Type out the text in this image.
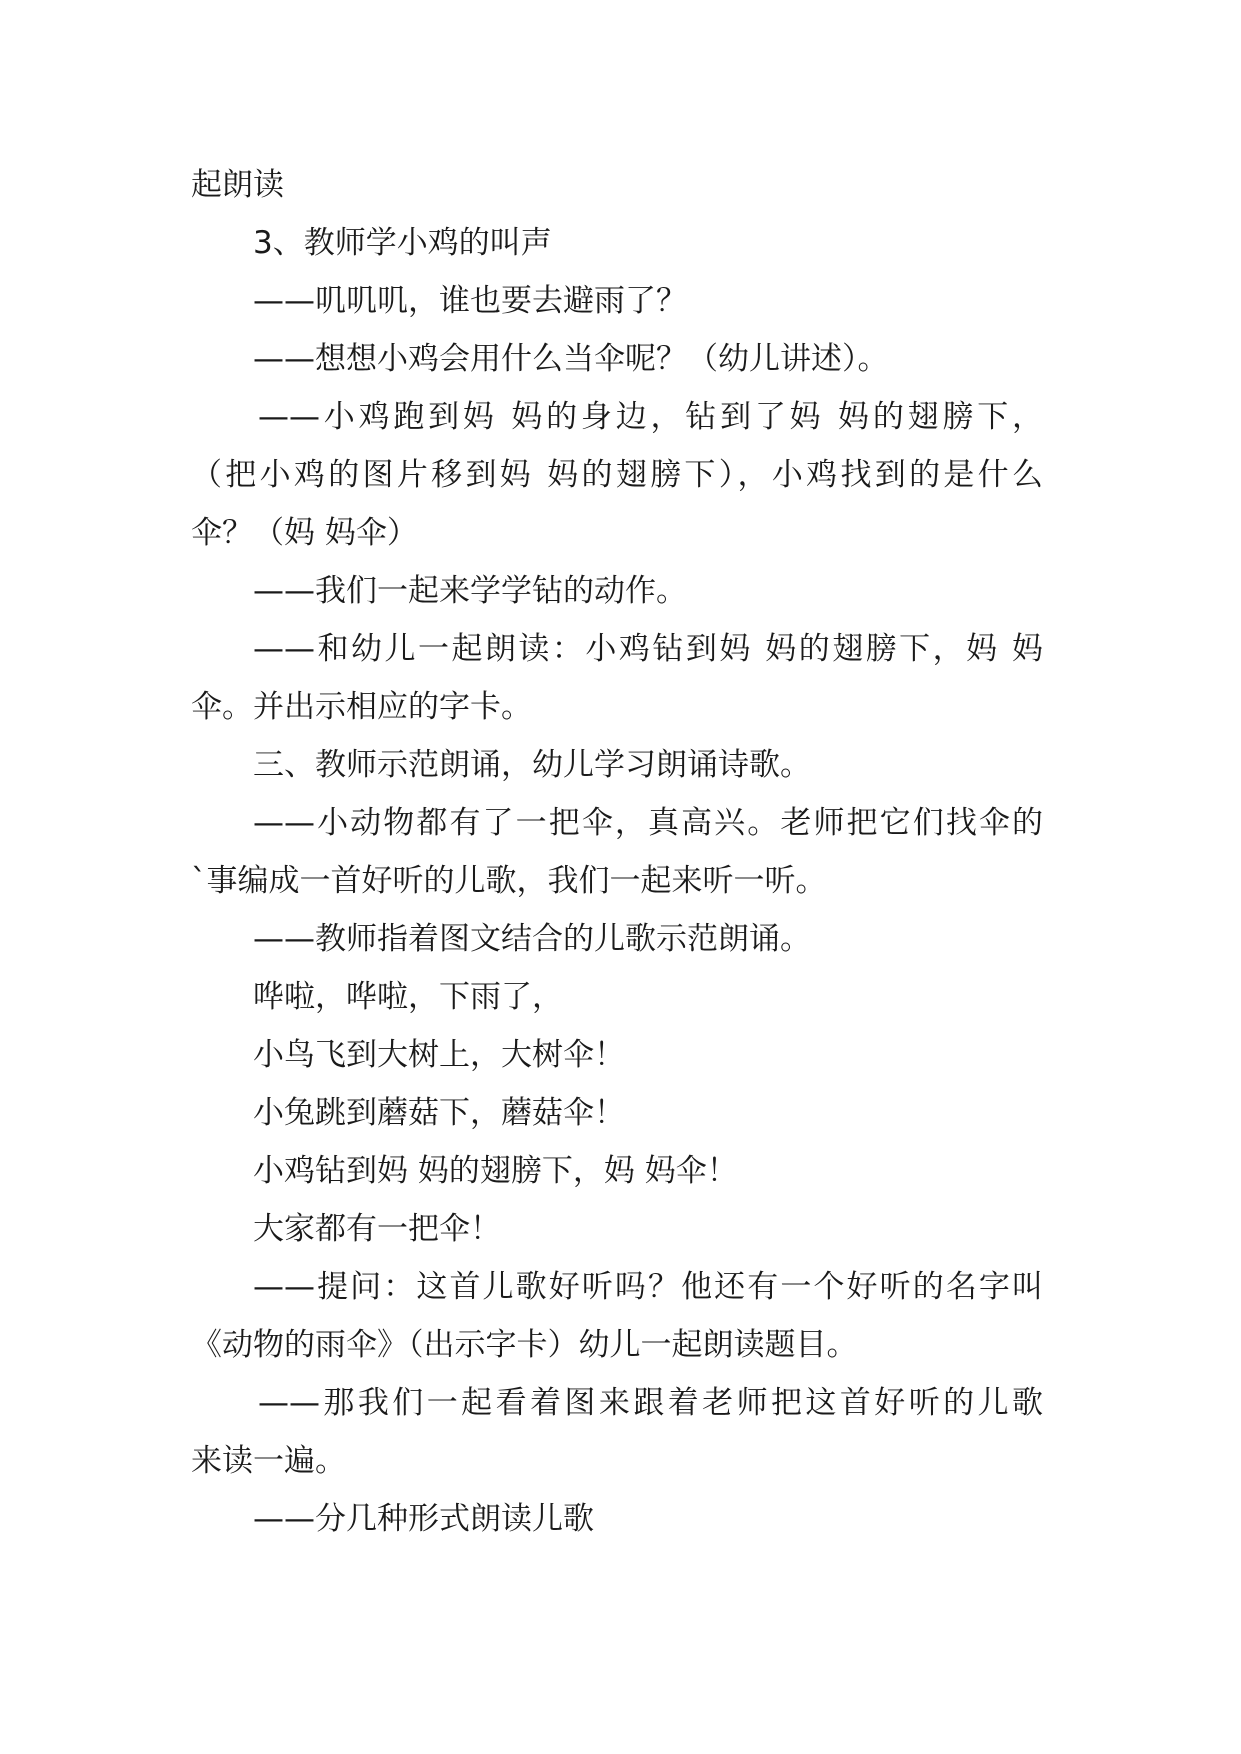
起朗读
3、教师学小鸡的叫声
——叽叽叽，谁也要去避雨了？
——想想小鸡会用什么当伞呢？（幼儿讲述）。
——小鸡跑到妈 妈的身边，钻到了妈 妈的翅膀下，
（把小鸡的图片移到妈 妈的翅膀下），小鸡找到的是什么
伞？（妈 妈伞）
——我们一起来学学钻的动作。
——和幼儿一起朗读：小鸡钻到妈 妈的翅膀下，妈 妈
伞。并出示相应的字卡。
三、教师示范朗诵，幼儿学习朗诵诗歌。
——小动物都有了一把伞，真高兴。老师把它们找伞的
`事编成一首好听的儿歌，我们一起来听一听。
——教师指着图文结合的儿歌示范朗诵。
哗啦，哗啦，下雨了，
小鸟飞到大树上，大树伞！
小兔跳到蘑菇下，蘑菇伞！
小鸡钻到妈 妈的翅膀下，妈 妈伞！
大家都有一把伞！
——提问：这首儿歌好听吗？他还有一个好听的名字叫
《动物的雨伞》（出示字卡）幼儿一起朗读题目。
——那我们一起看着图来跟着老师把这首好听的儿歌
来读一遍。
——分几种形式朗读儿歌
